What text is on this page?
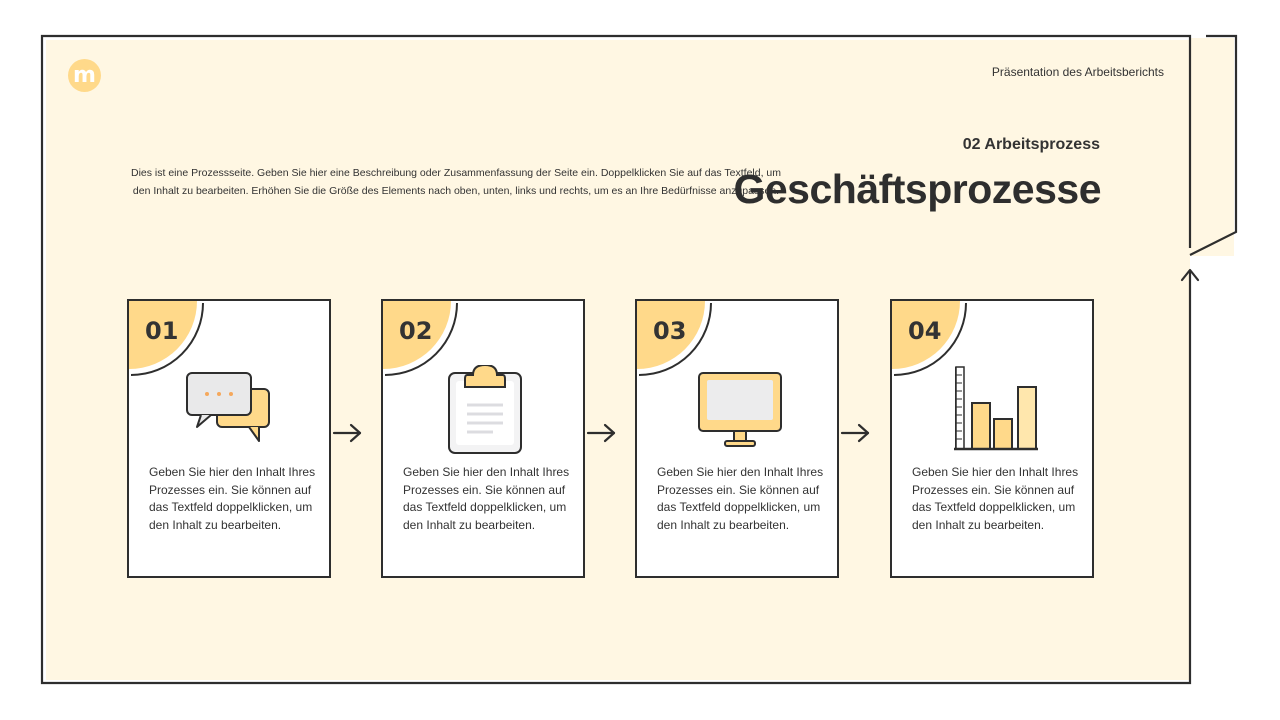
m	Präsentation des Arbeitsberichts
02 Arbeitsprozess
Dies ist eine Prozessseite. Geben Sie hier eine Beschreibung oder Zusammenfassung der Seite ein. Doppelklicken Sie auf das Textfeld, um den Inhalt zu bearbeiten. Erhöhen Sie die Größe des Elements nach oben, unten, links und rechts, um es an Ihre Bedürfnisse anzupassen.
Geschäftsprozesse
01
Geben Sie hier den Inhalt Ihres Prozesses ein. Sie können auf das Textfeld doppelklicken, um den Inhalt zu bearbeiten.
02
Geben Sie hier den Inhalt Ihres Prozesses ein. Sie können auf das Textfeld doppelklicken, um den Inhalt zu bearbeiten.
03
Geben Sie hier den Inhalt Ihres Prozesses ein. Sie können auf das Textfeld doppelklicken, um den Inhalt zu bearbeiten.
04
Geben Sie hier den Inhalt Ihres Prozesses ein. Sie können auf das Textfeld doppelklicken, um den Inhalt zu bearbeiten.
